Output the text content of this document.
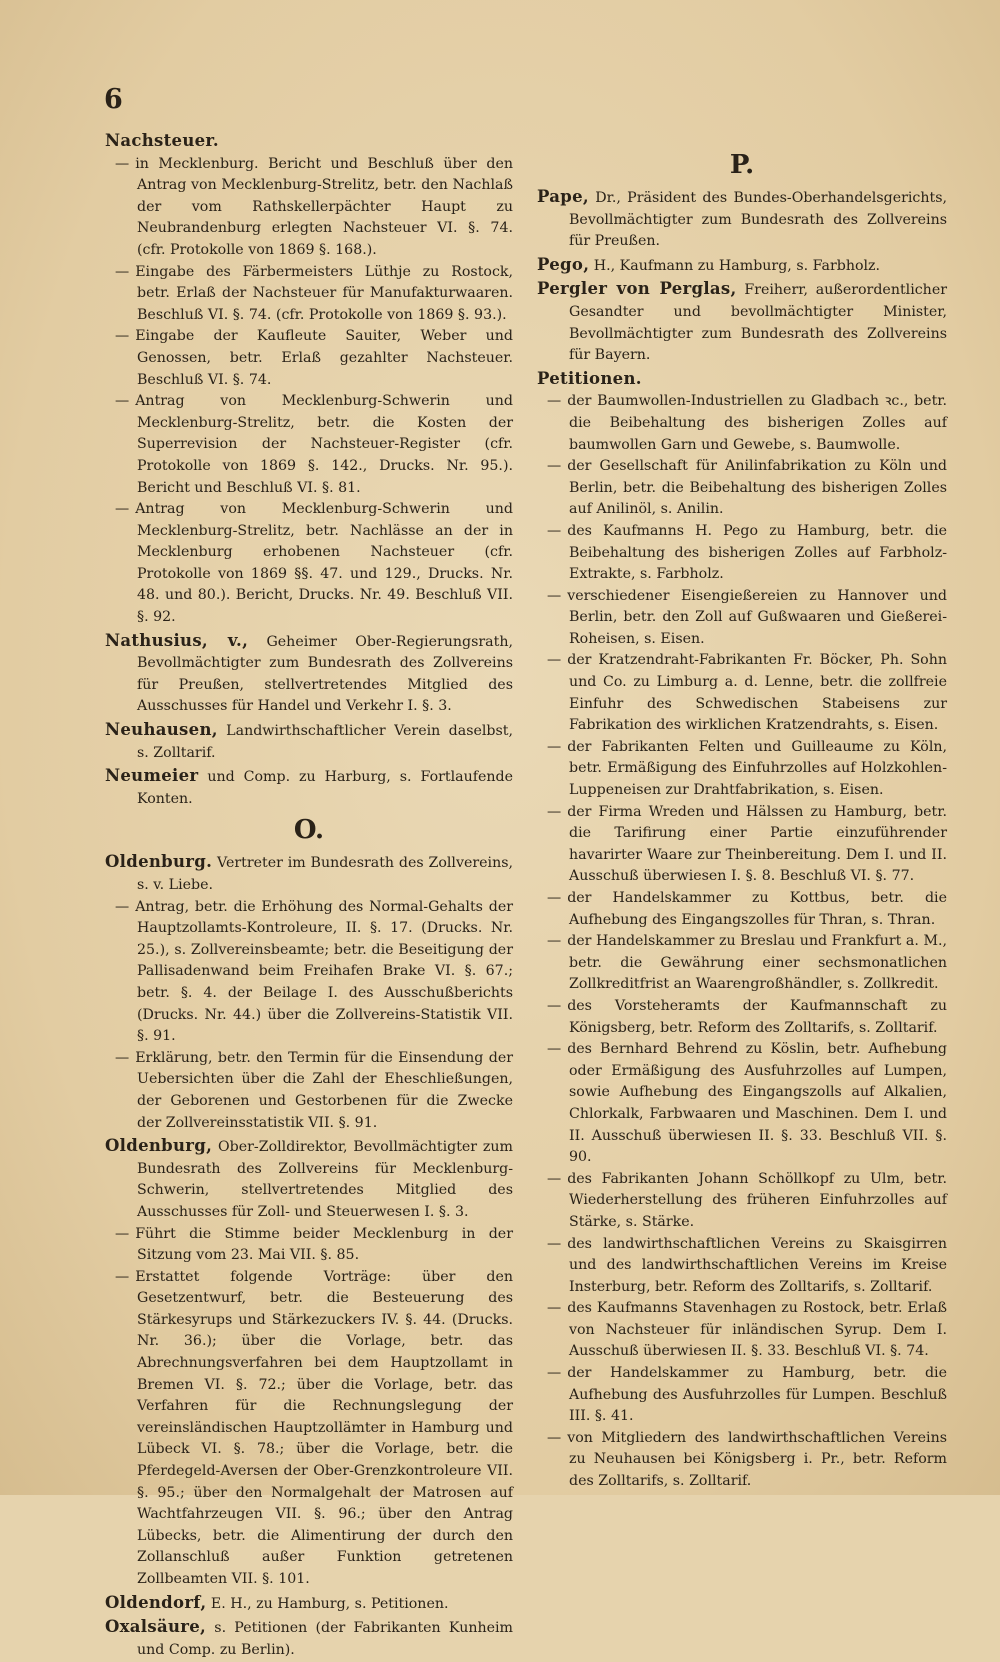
6
Nachsteuer.
— in Mecklenburg. Bericht und Beschluß über den Antrag von Mecklenburg-Strelitz, betr. den Nachlaß der vom Rathskellerpächter Haupt zu Neubrandenburg erlegten Nachsteuer VI. §. 74. (cfr. Protokolle von 1869 §. 168.).
— Eingabe des Färbermeisters Lüthje zu Rostock, betr. Erlaß der Nachsteuer für Manufakturwaaren. Beschluß VI. §. 74. (cfr. Protokolle von 1869 §. 93.).
— Eingabe der Kaufleute Sauiter, Weber und Genossen, betr. Erlaß gezahlter Nachsteuer. Beschluß VI. §. 74.
— Antrag von Mecklenburg-Schwerin und Mecklenburg-Strelitz, betr. die Kosten der Superrevision der Nachsteuer-Register (cfr. Protokolle von 1869 §. 142., Drucks. Nr. 95.). Bericht und Beschluß VI. §. 81.
— Antrag von Mecklenburg-Schwerin und Mecklenburg-Strelitz, betr. Nachlässe an der in Mecklenburg erhobenen Nachsteuer (cfr. Protokolle von 1869 §§. 47. und 129., Drucks. Nr. 48. und 80.). Bericht, Drucks. Nr. 49. Beschluß VII. §. 92.
Nathusius, v., Geheimer Ober-Regierungsrath, Bevollmächtigter zum Bundesrath des Zollvereins für Preußen, stellvertretendes Mitglied des Ausschusses für Handel und Verkehr I. §. 3.
Neuhausen, Landwirthschaftlicher Verein daselbst, s. Zolltarif.
Neumeier und Comp. zu Harburg, s. Fortlaufende Konten.
O.
Oldenburg. Vertreter im Bundesrath des Zollvereins, s. v. Liebe.
— Antrag, betr. die Erhöhung des Normal-Gehalts der Hauptzollamts-Kontroleure, II. §. 17. (Drucks. Nr. 25.), s. Zollvereinsbeamte; betr. die Beseitigung der Pallisadenwand beim Freihafen Brake VI. §. 67.; betr. §. 4. der Beilage I. des Ausschußberichts (Drucks. Nr. 44.) über die Zollvereins-Statistik VII. §. 91.
— Erklärung, betr. den Termin für die Einsendung der Uebersichten über die Zahl der Eheschließungen, der Geborenen und Gestorbenen für die Zwecke der Zollvereinsstatistik VII. §. 91.
Oldenburg, Ober-Zolldirektor, Bevollmächtigter zum Bundesrath des Zollvereins für Mecklenburg-Schwerin, stellvertretendes Mitglied des Ausschusses für Zoll- und Steuerwesen I. §. 3.
— Führt die Stimme beider Mecklenburg in der Sitzung vom 23. Mai VII. §. 85.
— Erstattet folgende Vorträge: über den Gesetzentwurf, betr. die Besteuerung des Stärkesyrups und Stärkezuckers IV. §. 44. (Drucks. Nr. 36.); über die Vorlage, betr. das Abrechnungsverfahren bei dem Hauptzollamt in Bremen VI. §. 72.; über die Vorlage, betr. das Verfahren für die Rechnungslegung der vereinsländischen Hauptzollämter in Hamburg und Lübeck VI. §. 78.; über die Vorlage, betr. die Pferdegeld-Aversen der Ober-Grenzkontroleure VII. §. 95.; über den Normalgehalt der Matrosen auf Wachtfahrzeugen VII. §. 96.; über den Antrag Lübecks, betr. die Alimentirung der durch den Zollanschluß außer Funktion getretenen Zollbeamten VII. §. 101.
Oldendorf, E. H., zu Hamburg, s. Petitionen.
Oxalsäure, s. Petitionen (der Fabrikanten Kunheim und Comp. zu Berlin).
P.
Pape, Dr., Präsident des Bundes-Oberhandelsgerichts, Bevollmächtigter zum Bundesrath des Zollvereins für Preußen.
Pego, H., Kaufmann zu Hamburg, s. Farbholz.
Pergler von Perglas, Freiherr, außerordentlicher Gesandter und bevollmächtigter Minister, Bevollmächtigter zum Bundesrath des Zollvereins für Bayern.
Petitionen.
— der Baumwollen-Industriellen zu Gladbach ꝛc., betr. die Beibehaltung des bisherigen Zolles auf baumwollen Garn und Gewebe, s. Baumwolle.
— der Gesellschaft für Anilinfabrikation zu Köln und Berlin, betr. die Beibehaltung des bisherigen Zolles auf Anilinöl, s. Anilin.
— des Kaufmanns H. Pego zu Hamburg, betr. die Beibehaltung des bisherigen Zolles auf Farbholz-Extrakte, s. Farbholz.
— verschiedener Eisengießereien zu Hannover und Berlin, betr. den Zoll auf Gußwaaren und Gießerei-Roheisen, s. Eisen.
— der Kratzendraht-Fabrikanten Fr. Böcker, Ph. Sohn und Co. zu Limburg a. d. Lenne, betr. die zollfreie Einfuhr des Schwedischen Stabeisens zur Fabrikation des wirklichen Kratzendrahts, s. Eisen.
— der Fabrikanten Felten und Guilleaume zu Köln, betr. Ermäßigung des Einfuhrzolles auf Holzkohlen-Luppeneisen zur Drahtfabrikation, s. Eisen.
— der Firma Wreden und Hälssen zu Hamburg, betr. die Tarifirung einer Partie einzuführender havarirter Waare zur Theinbereitung. Dem I. und II. Ausschuß überwiesen I. §. 8. Beschluß VI. §. 77.
— der Handelskammer zu Kottbus, betr. die Aufhebung des Eingangszolles für Thran, s. Thran.
— der Handelskammer zu Breslau und Frankfurt a. M., betr. die Gewährung einer sechsmonatlichen Zollkreditfrist an Waarengroßhändler, s. Zollkredit.
— des Vorsteheramts der Kaufmannschaft zu Königsberg, betr. Reform des Zolltarifs, s. Zolltarif.
— des Bernhard Behrend zu Köslin, betr. Aufhebung oder Ermäßigung des Ausfuhrzolles auf Lumpen, sowie Aufhebung des Eingangszolls auf Alkalien, Chlorkalk, Farbwaaren und Maschinen. Dem I. und II. Ausschuß überwiesen II. §. 33. Beschluß VII. §. 90.
— des Fabrikanten Johann Schöllkopf zu Ulm, betr. Wiederherstellung des früheren Einfuhrzolles auf Stärke, s. Stärke.
— des landwirthschaftlichen Vereins zu Skaisgirren und des landwirthschaftlichen Vereins im Kreise Insterburg, betr. Reform des Zolltarifs, s. Zolltarif.
— des Kaufmanns Stavenhagen zu Rostock, betr. Erlaß von Nachsteuer für inländischen Syrup. Dem I. Ausschuß überwiesen II. §. 33. Beschluß VI. §. 74.
— der Handelskammer zu Hamburg, betr. die Aufhebung des Ausfuhrzolles für Lumpen. Beschluß III. §. 41.
— von Mitgliedern des landwirthschaftlichen Vereins zu Neuhausen bei Königsberg i. Pr., betr. Reform des Zolltarifs, s. Zolltarif.
